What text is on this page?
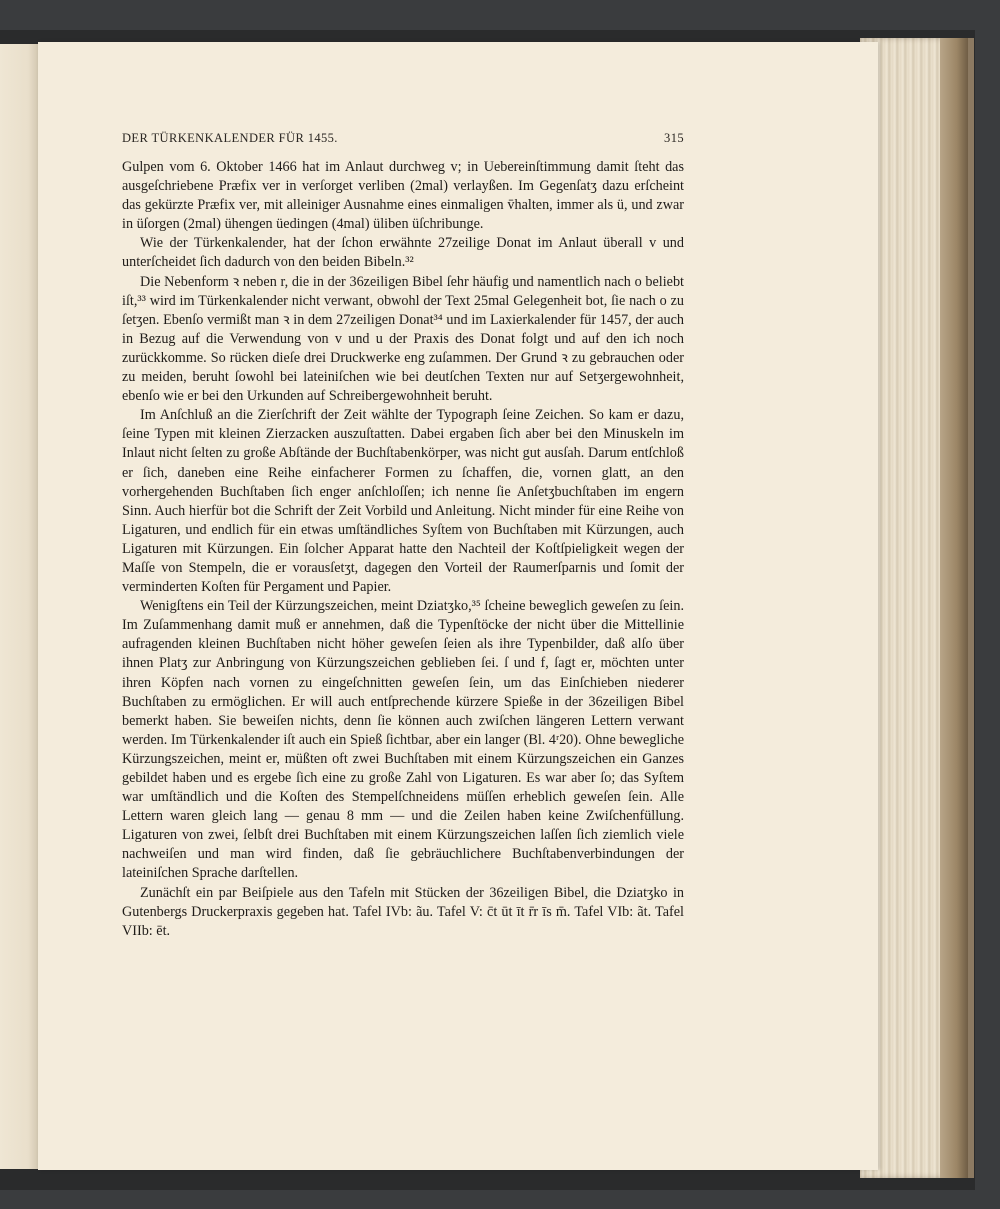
DER TÜRKENKALENDER FÜR 1455.	315

Gulpen vom 6. Oktober 1466 hat im Anlaut durchweg v; in Uebereinſtimmung damit ſteht das ausgeſchriebene Præfix ver in verſorget verliben (2mal) verlayßen. Im Gegenſatʒ dazu erſcheint das gekürzte Præfix ver, mit alleiniger Ausnahme eines einmaligen v̄halten, immer als ü, und zwar in üſorgen (2mal) ühengen üedingen (4mal) üliben üſchribunge.

Wie der Türkenkalender, hat der ſchon erwähnte 27zeilige Donat im Anlaut überall v und unterſcheidet ſich dadurch von den beiden Bibeln.³²

Die Nebenform ꝛ neben r, die in der 36zeiligen Bibel ſehr häufig und namentlich nach o beliebt iſt,³³ wird im Türkenkalender nicht verwant, obwohl der Text 25mal Gelegenheit bot, ſie nach o zu ſetʒen. Ebenſo vermißt man ꝛ in dem 27zeiligen Donat³⁴ und im Laxierkalender für 1457, der auch in Bezug auf die Verwendung von v und u der Praxis des Donat folgt und auf den ich noch zurückkomme. So rücken dieſe drei Druckwerke eng zuſammen. Der Grund ꝛ zu gebrauchen oder zu meiden, beruht ſowohl bei lateiniſchen wie bei deutſchen Texten nur auf Setʒergewohnheit, ebenſo wie er bei den Urkunden auf Schreibergewohnheit beruht.

Im Anſchluß an die Zierſchrift der Zeit wählte der Typograph ſeine Zeichen. So kam er dazu, ſeine Typen mit kleinen Zierzacken auszuſtatten. Dabei ergaben ſich aber bei den Minuskeln im Inlaut nicht ſelten zu große Abſtände der Buchſtabenkörper, was nicht gut ausſah. Darum entſchloß er ſich, daneben eine Reihe einfacherer Formen zu ſchaffen, die, vornen glatt, an den vorhergehenden Buchſtaben ſich enger anſchloſſen; ich nenne ſie Anſetʒbuchſtaben im engern Sinn. Auch hierfür bot die Schrift der Zeit Vorbild und Anleitung. Nicht minder für eine Reihe von Ligaturen, und endlich für ein etwas umſtändliches Syſtem von Buchſtaben mit Kürzungen, auch Ligaturen mit Kürzungen. Ein ſolcher Apparat hatte den Nachteil der Koſtſpieligkeit wegen der Maſſe von Stempeln, die er vorausſetʒt, dagegen den Vorteil der Raumerſparnis und ſomit der verminderten Koſten für Pergament und Papier.

Wenigſtens ein Teil der Kürzungszeichen, meint Dziatʒko,³⁵ ſcheine beweglich geweſen zu ſein. Im Zuſammenhang damit muß er annehmen, daß die Typenſtöcke der nicht über die Mittellinie aufragenden kleinen Buchſtaben nicht höher geweſen ſeien als ihre Typenbilder, daß alſo über ihnen Platʒ zur Anbringung von Kürzungszeichen geblieben ſei. ſ und f, ſagt er, möchten unter ihren Köpfen nach vornen zu eingeſchnitten geweſen ſein, um das Einſchieben niederer Buchſtaben zu ermöglichen. Er will auch entſprechende kürzere Spieße in der 36zeiligen Bibel bemerkt haben. Sie beweiſen nichts, denn ſie können auch zwiſchen längeren Lettern verwant werden. Im Türkenkalender iſt auch ein Spieß ſichtbar, aber ein langer (Bl. 4ʳ20). Ohne bewegliche Kürzungszeichen, meint er, müßten oft zwei Buchſtaben mit einem Kürzungszeichen ein Ganzes gebildet haben und es ergebe ſich eine zu große Zahl von Ligaturen. Es war aber ſo; das Syſtem war umſtändlich und die Koſten des Stempelſchneidens müſſen erheblich geweſen ſein. Alle Lettern waren gleich lang — genau 8 mm — und die Zeilen haben keine Zwiſchenfüllung. Ligaturen von zwei, ſelbſt drei Buchſtaben mit einem Kürzungszeichen laſſen ſich ziemlich viele nachweiſen und man wird finden, daß ſie gebräuchlichere Buchſtabenverbindungen der lateiniſchen Sprache darſtellen.

Zunächſt ein par Beiſpiele aus den Tafeln mit Stücken der 36zeiligen Bibel, die Dziatʒko in Gutenbergs Druckerpraxis gegeben hat. Tafel IVb: ãu. Tafel V: c̄t ūt īt r̄r īs m̄. Tafel VIb: ãt. Tafel VIIb: ēt.
